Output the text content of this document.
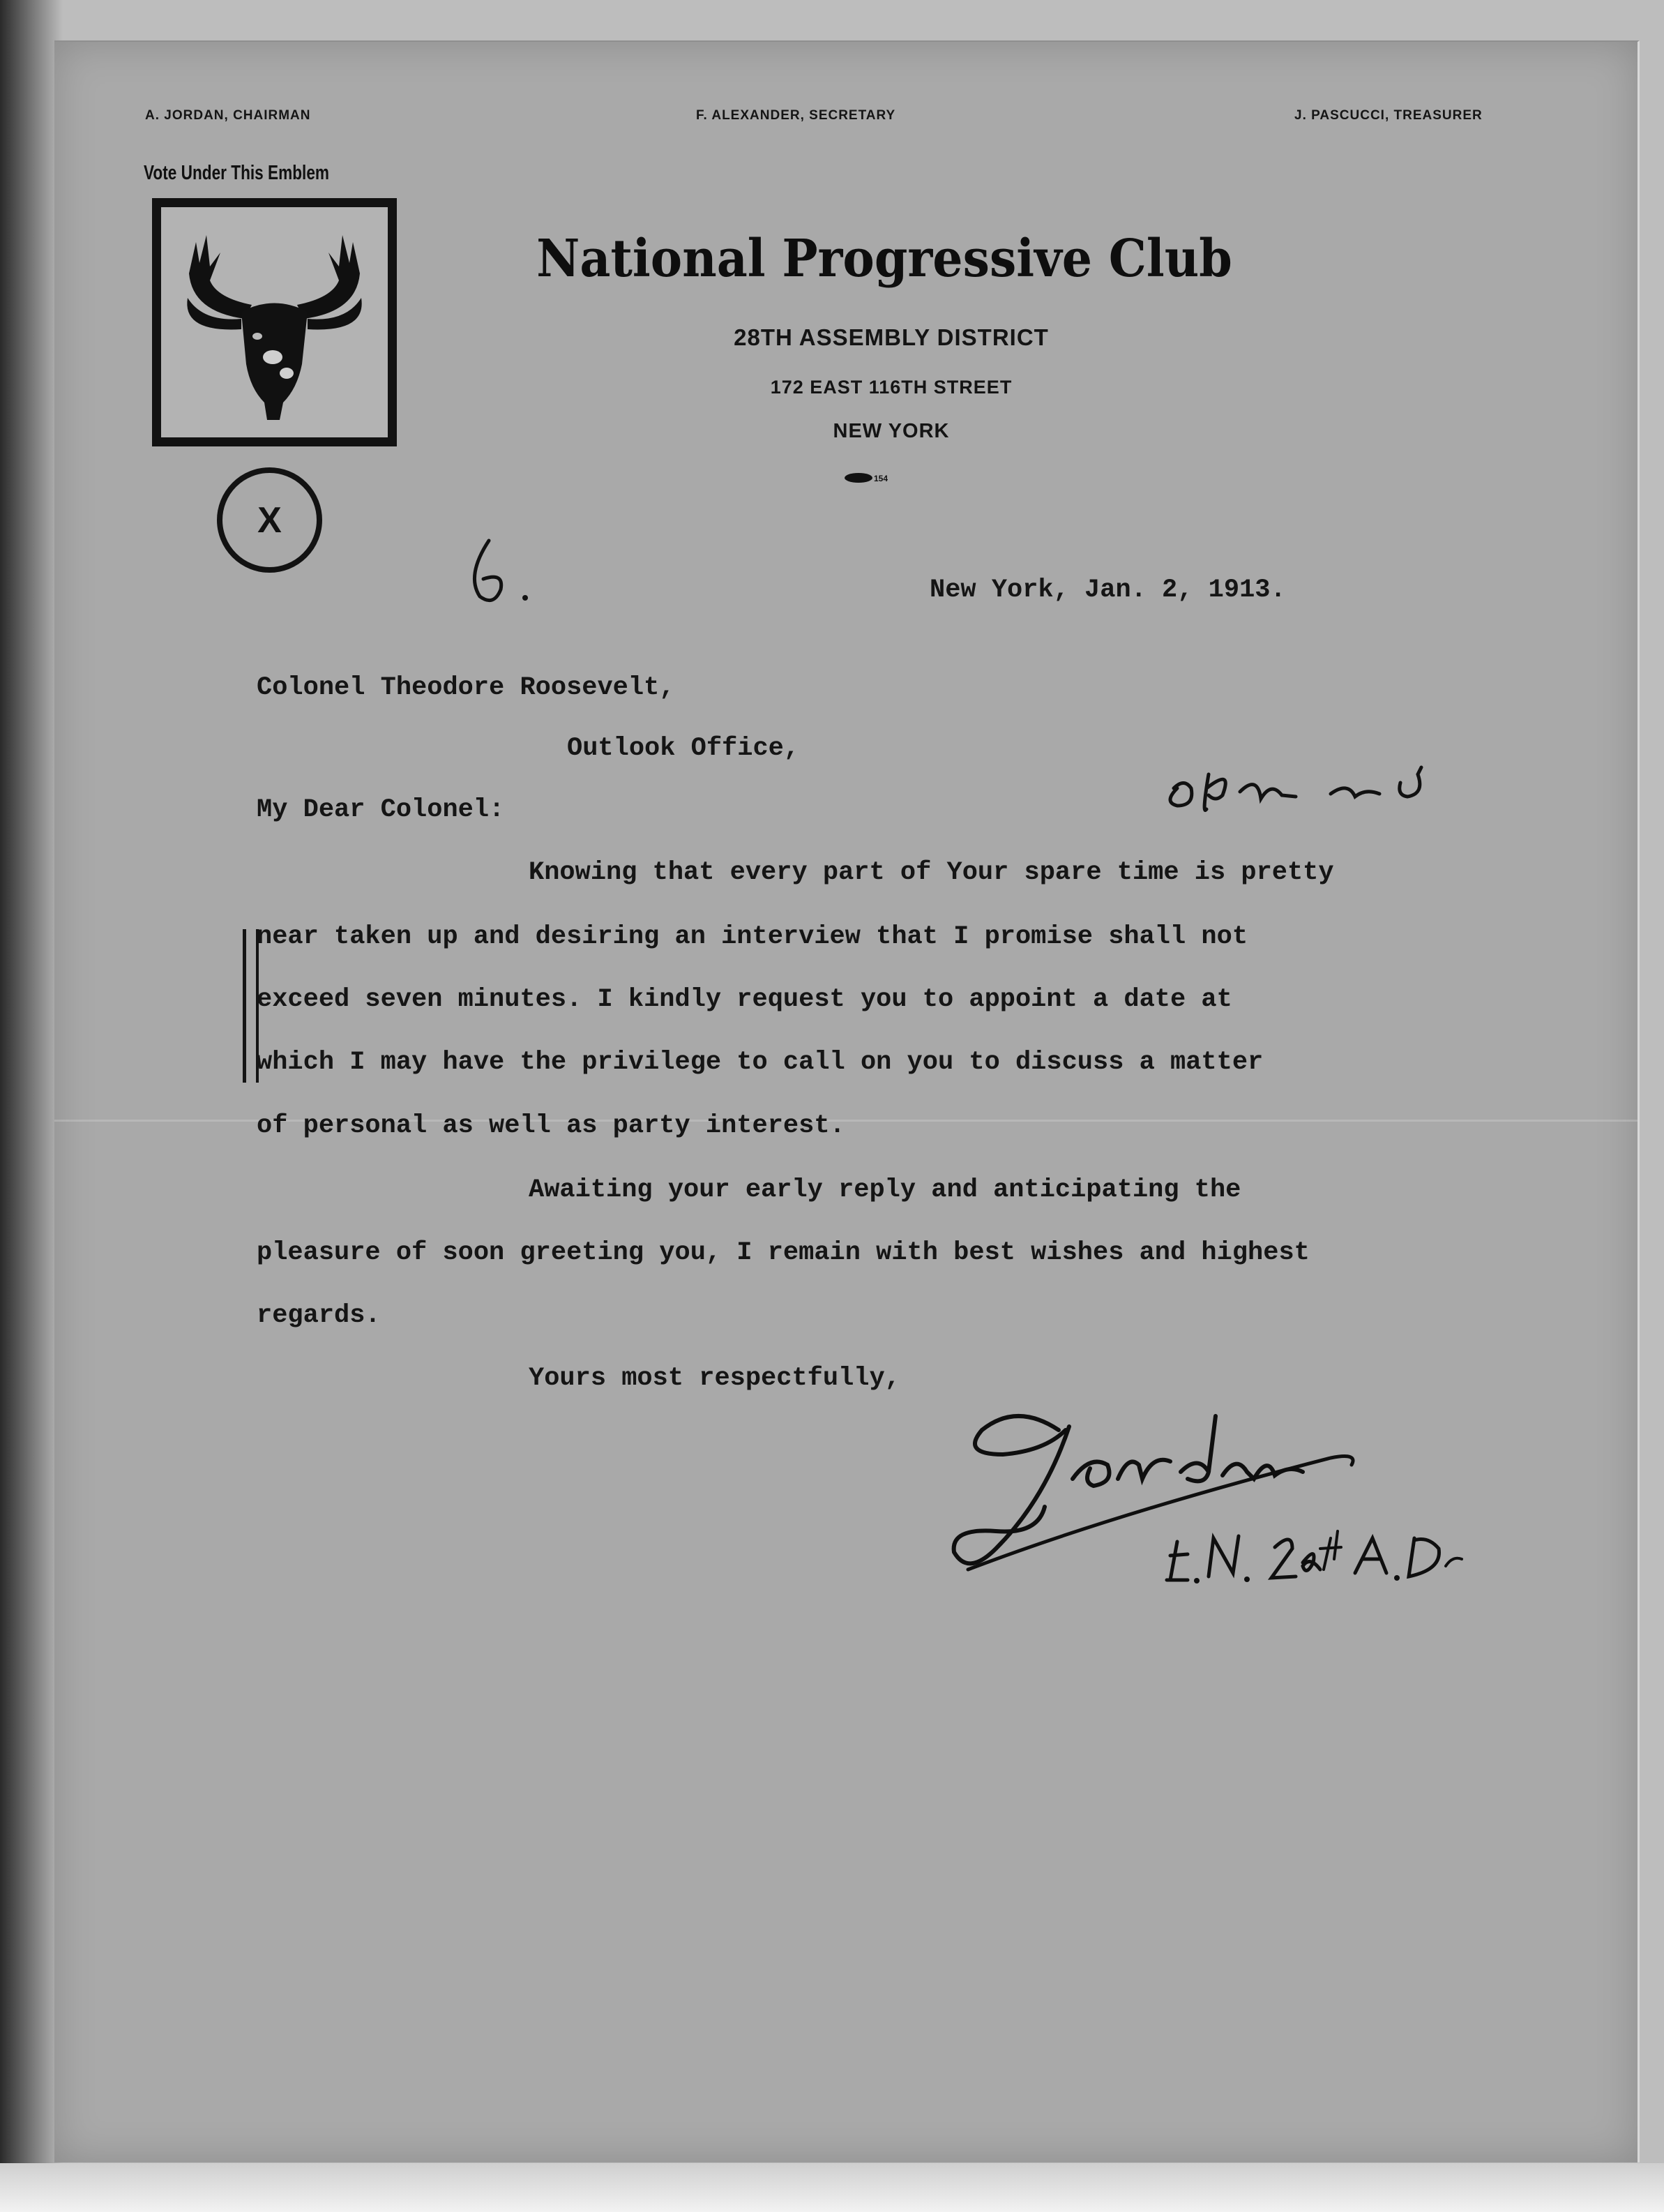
A. JORDAN, CHAIRMAN	F. ALEXANDER, SECRETARY	J. PASCUCCI, TREASURER
Vote Under This Emblem
X
National Progressive Club
28TH ASSEMBLY DISTRICT
172 EAST 116TH STREET
NEW YORK
154
New York, Jan. 2, 1913.
Colonel Theodore Roosevelt,
Outlook Office,
My Dear Colonel:
Knowing that every part of Your spare time is pretty
near taken up and desiring an interview that I promise shall not
exceed seven minutes. I kindly request you to appoint a date at
which I may have the privilege to call on you to discuss a matter
of personal as well as party interest.
Awaiting your early reply and anticipating the
pleasure of soon greeting you, I remain with best wishes and highest
regards.
Yours most respectfully,
